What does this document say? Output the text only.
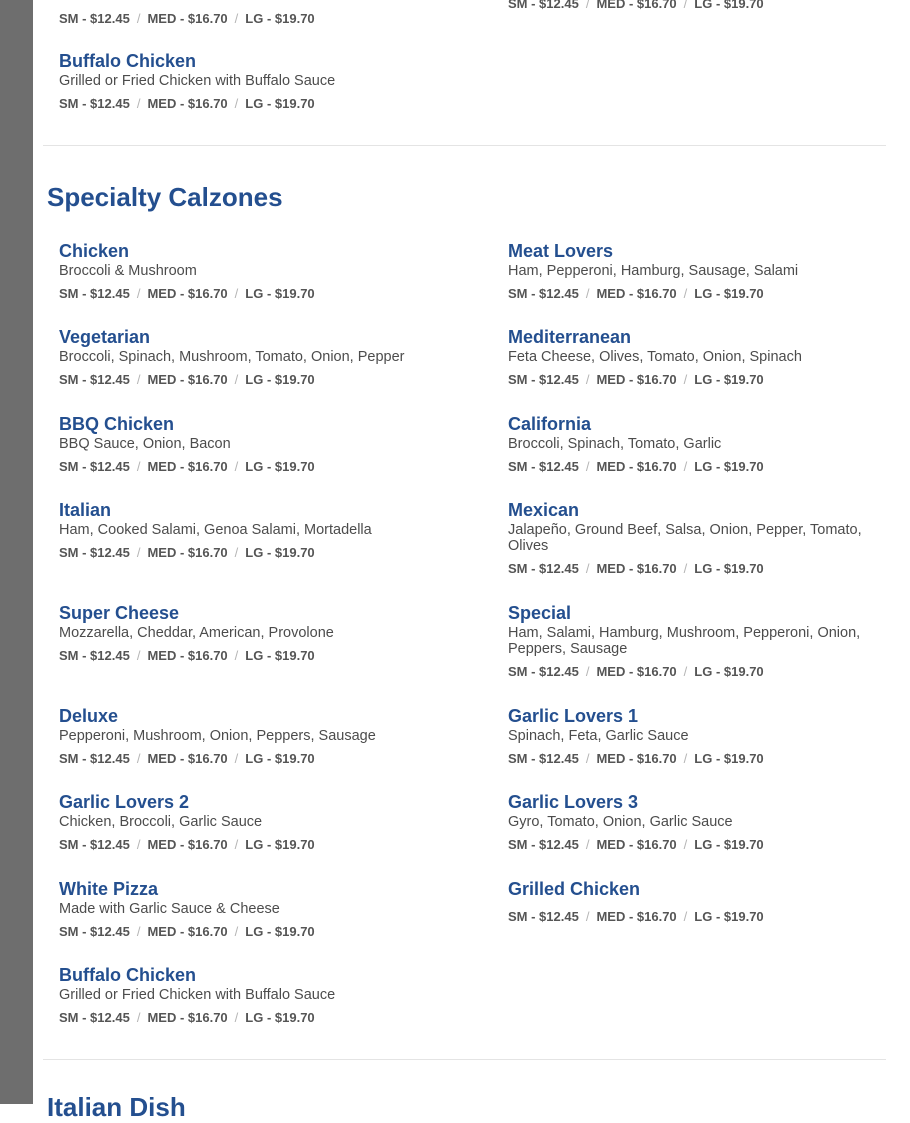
SM - $12.45 / MED - $16.70 / LG - $19.70

SM - $12.45 / MED - $16.70 / LG - $19.70
Buffalo Chicken
Grilled or Fried Chicken with Buffalo Sauce
SM - $12.45 / MED - $16.70 / LG - $19.70
Specialty Calzones
Chicken
Broccoli & Mushroom
SM - $12.45 / MED - $16.70 / LG - $19.70
Vegetarian
Broccoli, Spinach, Mushroom, Tomato, Onion, Pepper
SM - $12.45 / MED - $16.70 / LG - $19.70
BBQ Chicken
BBQ Sauce, Onion, Bacon
SM - $12.45 / MED - $16.70 / LG - $19.70
Italian
Ham, Cooked Salami, Genoa Salami, Mortadella
SM - $12.45 / MED - $16.70 / LG - $19.70
Super Cheese
Mozzarella, Cheddar, American, Provolone
SM - $12.45 / MED - $16.70 / LG - $19.70
Deluxe
Pepperoni, Mushroom, Onion, Peppers, Sausage
SM - $12.45 / MED - $16.70 / LG - $19.70
Garlic Lovers 2
Chicken, Broccoli, Garlic Sauce
SM - $12.45 / MED - $16.70 / LG - $19.70
White Pizza
Made with Garlic Sauce & Cheese
SM - $12.45 / MED - $16.70 / LG - $19.70
Buffalo Chicken
Grilled or Fried Chicken with Buffalo Sauce
SM - $12.45 / MED - $16.70 / LG - $19.70
Meat Lovers
Ham, Pepperoni, Hamburg, Sausage, Salami
SM - $12.45 / MED - $16.70 / LG - $19.70
Mediterranean
Feta Cheese, Olives, Tomato, Onion, Spinach
SM - $12.45 / MED - $16.70 / LG - $19.70
California
Broccoli, Spinach, Tomato, Garlic
SM - $12.45 / MED - $16.70 / LG - $19.70
Mexican
Jalapeño, Ground Beef, Salsa, Onion, Pepper, Tomato, Olives
SM - $12.45 / MED - $16.70 / LG - $19.70
Special
Ham, Salami, Hamburg, Mushroom, Pepperoni, Onion, Peppers, Sausage
SM - $12.45 / MED - $16.70 / LG - $19.70
Garlic Lovers 1
Spinach, Feta, Garlic Sauce
SM - $12.45 / MED - $16.70 / LG - $19.70
Garlic Lovers 3
Gyro, Tomato, Onion, Garlic Sauce
SM - $12.45 / MED - $16.70 / LG - $19.70
Grilled Chicken
SM - $12.45 / MED - $16.70 / LG - $19.70
Italian Dish
